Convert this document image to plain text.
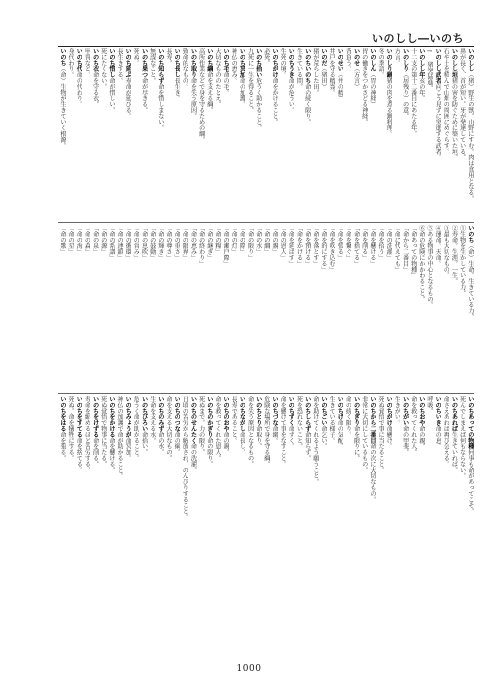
いのしし―いのち
いのしし（猪）野生の獣。山野にすむ。肉は食用となる。
鼻が長く、首が短い。牙が発達している。
いのしし垣猪の害を防ぐために築いた垣。
石や土を積んで山畑の周囲にめぐらす。
いのしし武者向こう見ずに突進する武者。
→ 猪突猛進。
いのしし年亥の年。
十二支の第十二番目にあたる年。
いのしり（居残り）の意。
方言。
いのしり鍋猪の肉を煮る鍋料理。
冬の季語。
いのしん（胃の神経）
胃の働きをつかさどる神経。
いのせ（方言）
背負う。
いのせい（井の精）
井戸を守る精霊。
いのだ（猪田）
猪が荒らした田。
いのちいのち命の続く限り。
生きている間。
いのちうき命が危うい。
生死の境。
いのちがけ命をかけること。
必死。
いのち拾い危うく助かること。
九死に一生を得ること。
いのち冥加命の加護。
神仏の恵み。
いのち毛命の毛。
大切なもののたとえ。
いのち綱命を支える綱。
高所作業などで身を守るための綱。
いのち取り命を失う原因。
致命的なもの。
いのち長し長生き。
長寿。
いのち知らず命を惜しまない。
無謀なこと。
いのち果つ命が尽きる。
死ぬ。
いのち延ぶ寿命が延びる。
長生きする。
いのち惜し命が惜しい。
死にたくない。
いのち衣命を守る衣。
甲冑など。
いのち代命の代わり。
身代わり。
いのち（命）生物が生きていく根源。
いのち（命）生命。生きている力。
①生物を生かしている力。
②寿命。生涯。一生。
③最も大切なもの。
④運命。天命。
⑤ある物事の中心となるもの。
⑥命の危険にかかわること。
「命あっての物種」
「命から二番目」
「命に代えても」
「命の洗濯」
「命を拾う」
「命を懸ける」
「命を削る」
「命を捨てる」
「命を繋ぐ」
「命を張る」
「命を吹き込む」
「命を的にする」
「命を落とす」
「命を預ける」
「命をかける」
「命を延ばす」
「命の恩人」
「命の親」
「命の綱」
「命の水」
「命の限り」
「命の際」
「命の灯」
「命の瀬戸際」
「命の糧」
「命の継ぎ」
「命の終わり」
「命の恵み」
「命の限界」
「命の重さ」
「命の尊さ」
「命の輝き」
「命の鼓動」
「命の息吹」
「命の営み」
「命の循環」
「命の連鎖」
「命の系譜」
「命の源」
「命の泉」
「命の森」
「命の海」
「命の星」
「命の歌」
いのちあっての物種何事も命があってこそ。
死んでしまえば何もならない。
いのちあれば生きていれば。
命さえあれば再び会える。
いのちいき命の息。
呼吸。
いのちおや命の親。
命を救ってくれた人。
いのちがい命の甲斐。
生きがい。
いのちがけ命懸け。
死ぬ覚悟で事に当たること。
いのちから二番目命の次に大切なもの。
非常に大切にしているもの。
いのちぎり命を限りに。
命の続く限り。
いのちげ命の気配。
生きている様子。
いのちごい命乞い。
命を助けてくれるよう願うこと。
いのちしらず命知らず。
死を恐れないこと。
いのちずく命ずく。
命を懸けて事をなすこと。
いのちづな命綱。
危険な場所で身を守る綱。
いのちとり命取り。
命を失う原因となるもの。
いのちながし命長し。
長寿であること。
いのちのおや命の親。
命を救ってくれた恩人。
いのちのかぎり命の限り。
死ぬまで。力の限り。
いのちのせんたく命の洗濯。
日頃の苦労から解放され、のんびりすること。
いのちのつな命の綱。
命を支える大切なもの。
いのちのみず命の水。
生命を支える水。
いのちびろい命拾い。
危うく命が助かること。
いのちみょうが命冥加。
神仏の加護で命が助かること。
いのちをかける命を懸ける。
死ぬ覚悟で物事に当たる。
いのちをけずる命を削る。
寿命を縮めるほど苦労する。
いのちをすてる命を捨てる。
死ぬ。命を犠牲にする。
いのちをはる命を張る。
1000
